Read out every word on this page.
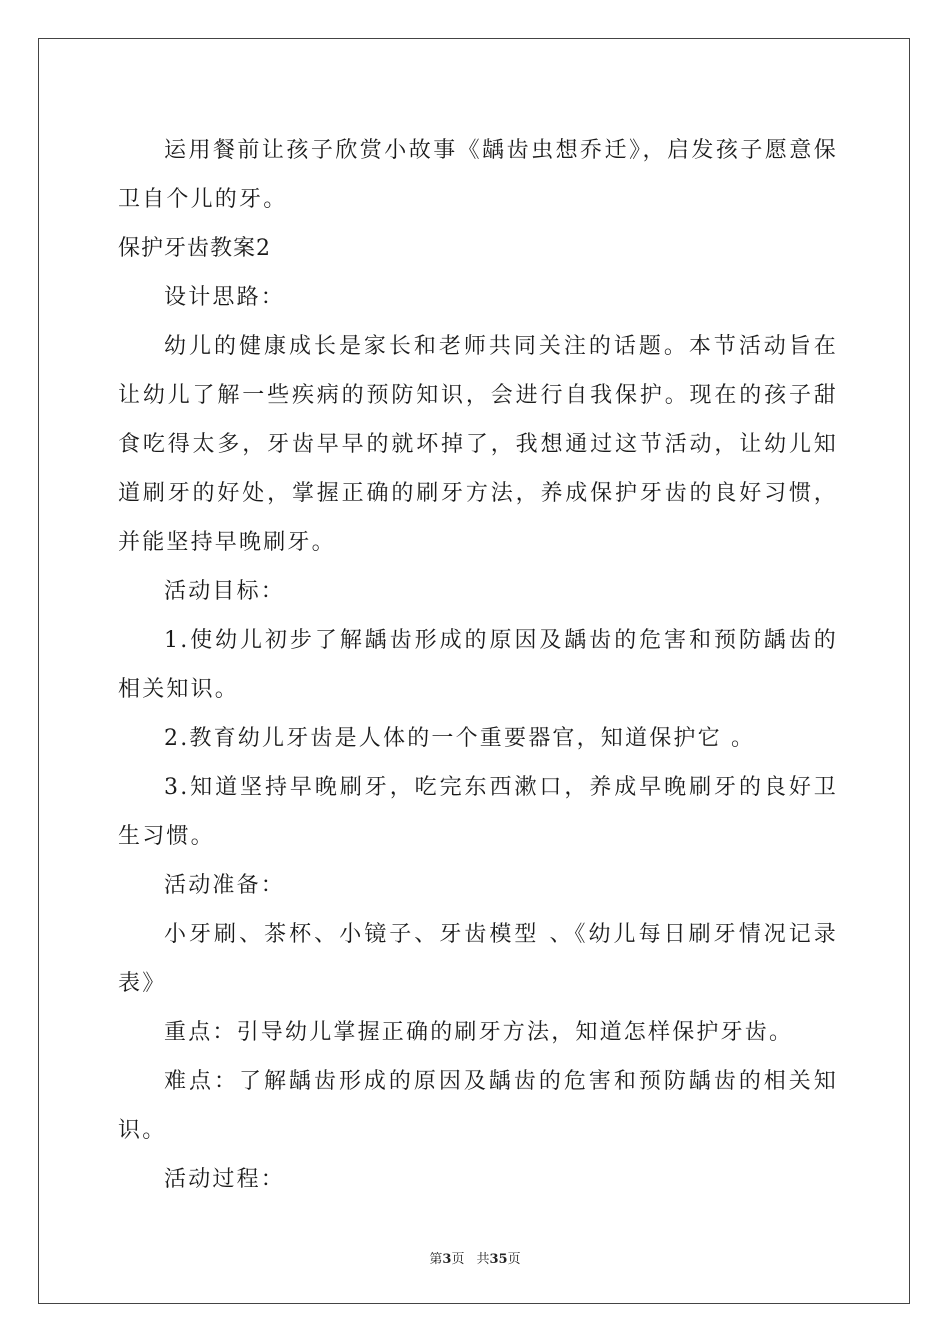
运用餐前让孩子欣赏小故事《龋齿虫想乔迁》，启发孩子愿意保卫自个儿的牙。

保护牙齿教案2

设计思路：

幼儿的健康成长是家长和老师共同关注的话题。本节活动旨在让幼儿了解一些疾病的预防知识，会进行自我保护。现在的孩子甜食吃得太多，牙齿早早的就坏掉了，我想通过这节活动，让幼儿知道刷牙的好处，掌握正确的刷牙方法，养成保护牙齿的良好习惯，并能坚持早晚刷牙。

活动目标：

1.使幼儿初步了解龋齿形成的原因及龋齿的危害和预防龋齿的相关知识。

2.教育幼儿牙齿是人体的一个重要器官，知道保护它 。

3.知道坚持早晚刷牙，吃完东西漱口，养成早晚刷牙的良好卫生习惯。

活动准备：

小牙刷、茶杯、小镜子、牙齿模型 、《幼儿每日刷牙情况记录表》

重点：引导幼儿掌握正确的刷牙方法，知道怎样保护牙齿。

难点：了解龋齿形成的原因及龋齿的危害和预防龋齿的相关知识。

活动过程：

第3页 共35页
